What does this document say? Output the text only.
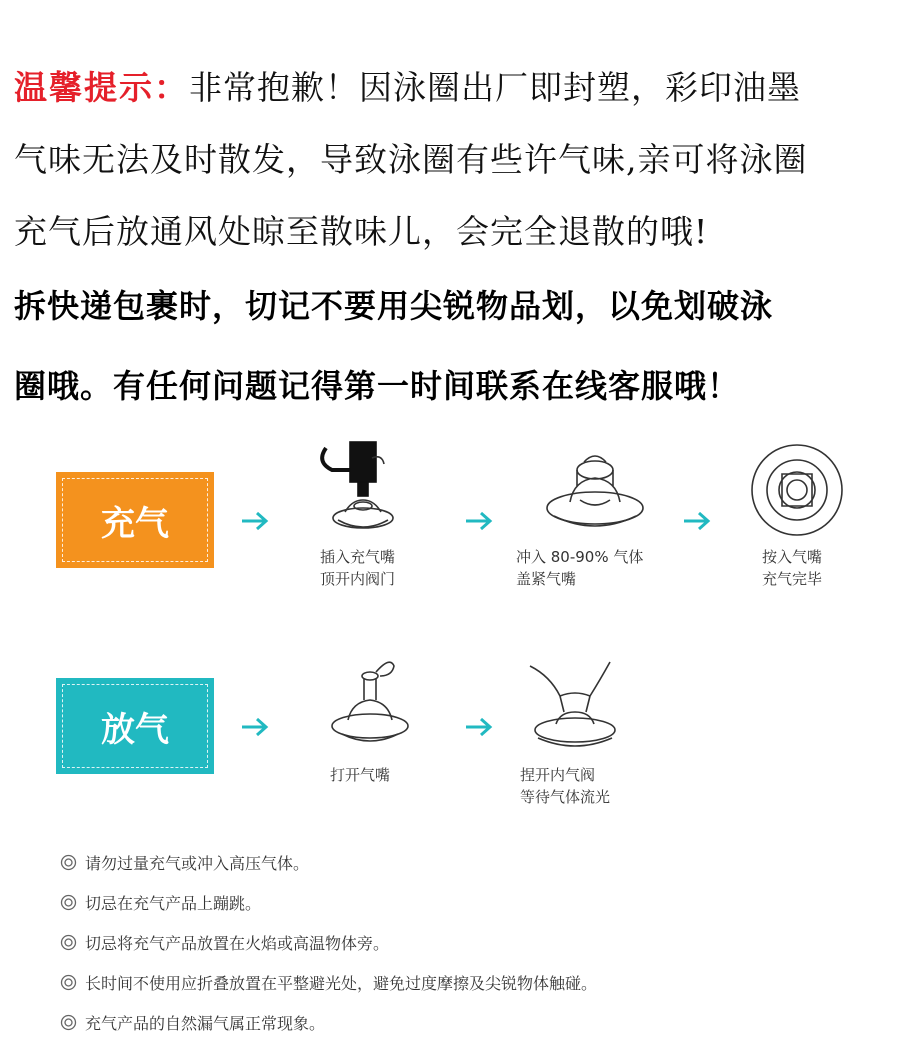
温馨提示：非常抱歉！因泳圈出厂即封塑，彩印油墨
气味无法及时散发，导致泳圈有些许气味,亲可将泳圈
充气后放通风处晾至散味儿，会完全退散的哦!
拆快递包裹时，切记不要用尖锐物品划，以免划破泳
圈哦。有任何问题记得第一时间联系在线客服哦！
充气
插入充气嘴
顶开内阀门
冲入 80-90% 气体
盖紧气嘴
按入气嘴
充气完毕
放气
打开气嘴	捏开内气阀
等待气体流光
请勿过量充气或冲入高压气体。
切忌在充气产品上蹦跳。
切忌将充气产品放置在火焰或高温物体旁。
长时间不使用应折叠放置在平整避光处，避免过度摩擦及尖锐物体触碰。
充气产品的自然漏气属正常现象。
